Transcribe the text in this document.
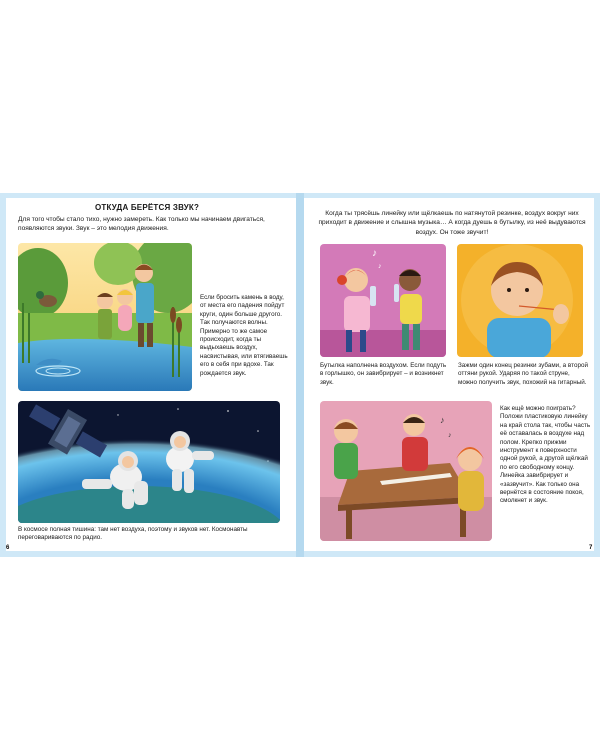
ОТКУДА БЕРЁТСЯ ЗВУК?
Для того чтобы стало тихо, нужно замереть. Как только мы начинаем двигаться, появляются звуки. Звук – это мелодия движения.
Если бросить камень в воду, от места его падения пойдут круги, один больше другого. Так получаются волны. Примерно то же самое происходит, когда ты выдыхаешь воздух, насвистывая, или втягиваешь его в себя при вдохе. Так рождается звук.
В космосе полная тишина: там нет воздуха, поэтому и звуков нет. Космонавты переговариваются по радио.
6
Когда ты трясёшь линейку или щёлкаешь по натянутой резинке, воздух вокруг них приходит в движение и слышна музыка… А когда дуешь в бутылку, из неё выдуваются воздух. Он тоже звучит!
♪
♪
Бутылка наполнена воздухом. Если подуть в горлышко, он завибрирует – и возникнет звук.
Зажми один конец резинки зубами, а второй оттяни рукой. Ударяя по такой струне, можно получить звук, похожий на гитарный.
♪
♪
Как ещё можно поиграть? Положи пластиковую линейку на край стола так, чтобы часть её оставалась в воздухе над полом. Крепко прижми инструмент к поверхности одной рукой, а другой щёлкай по его свободному концу. Линейка завибрирует и «зазвучит». Как только она вернётся в состояние покоя, смолкнет и звук.
7
